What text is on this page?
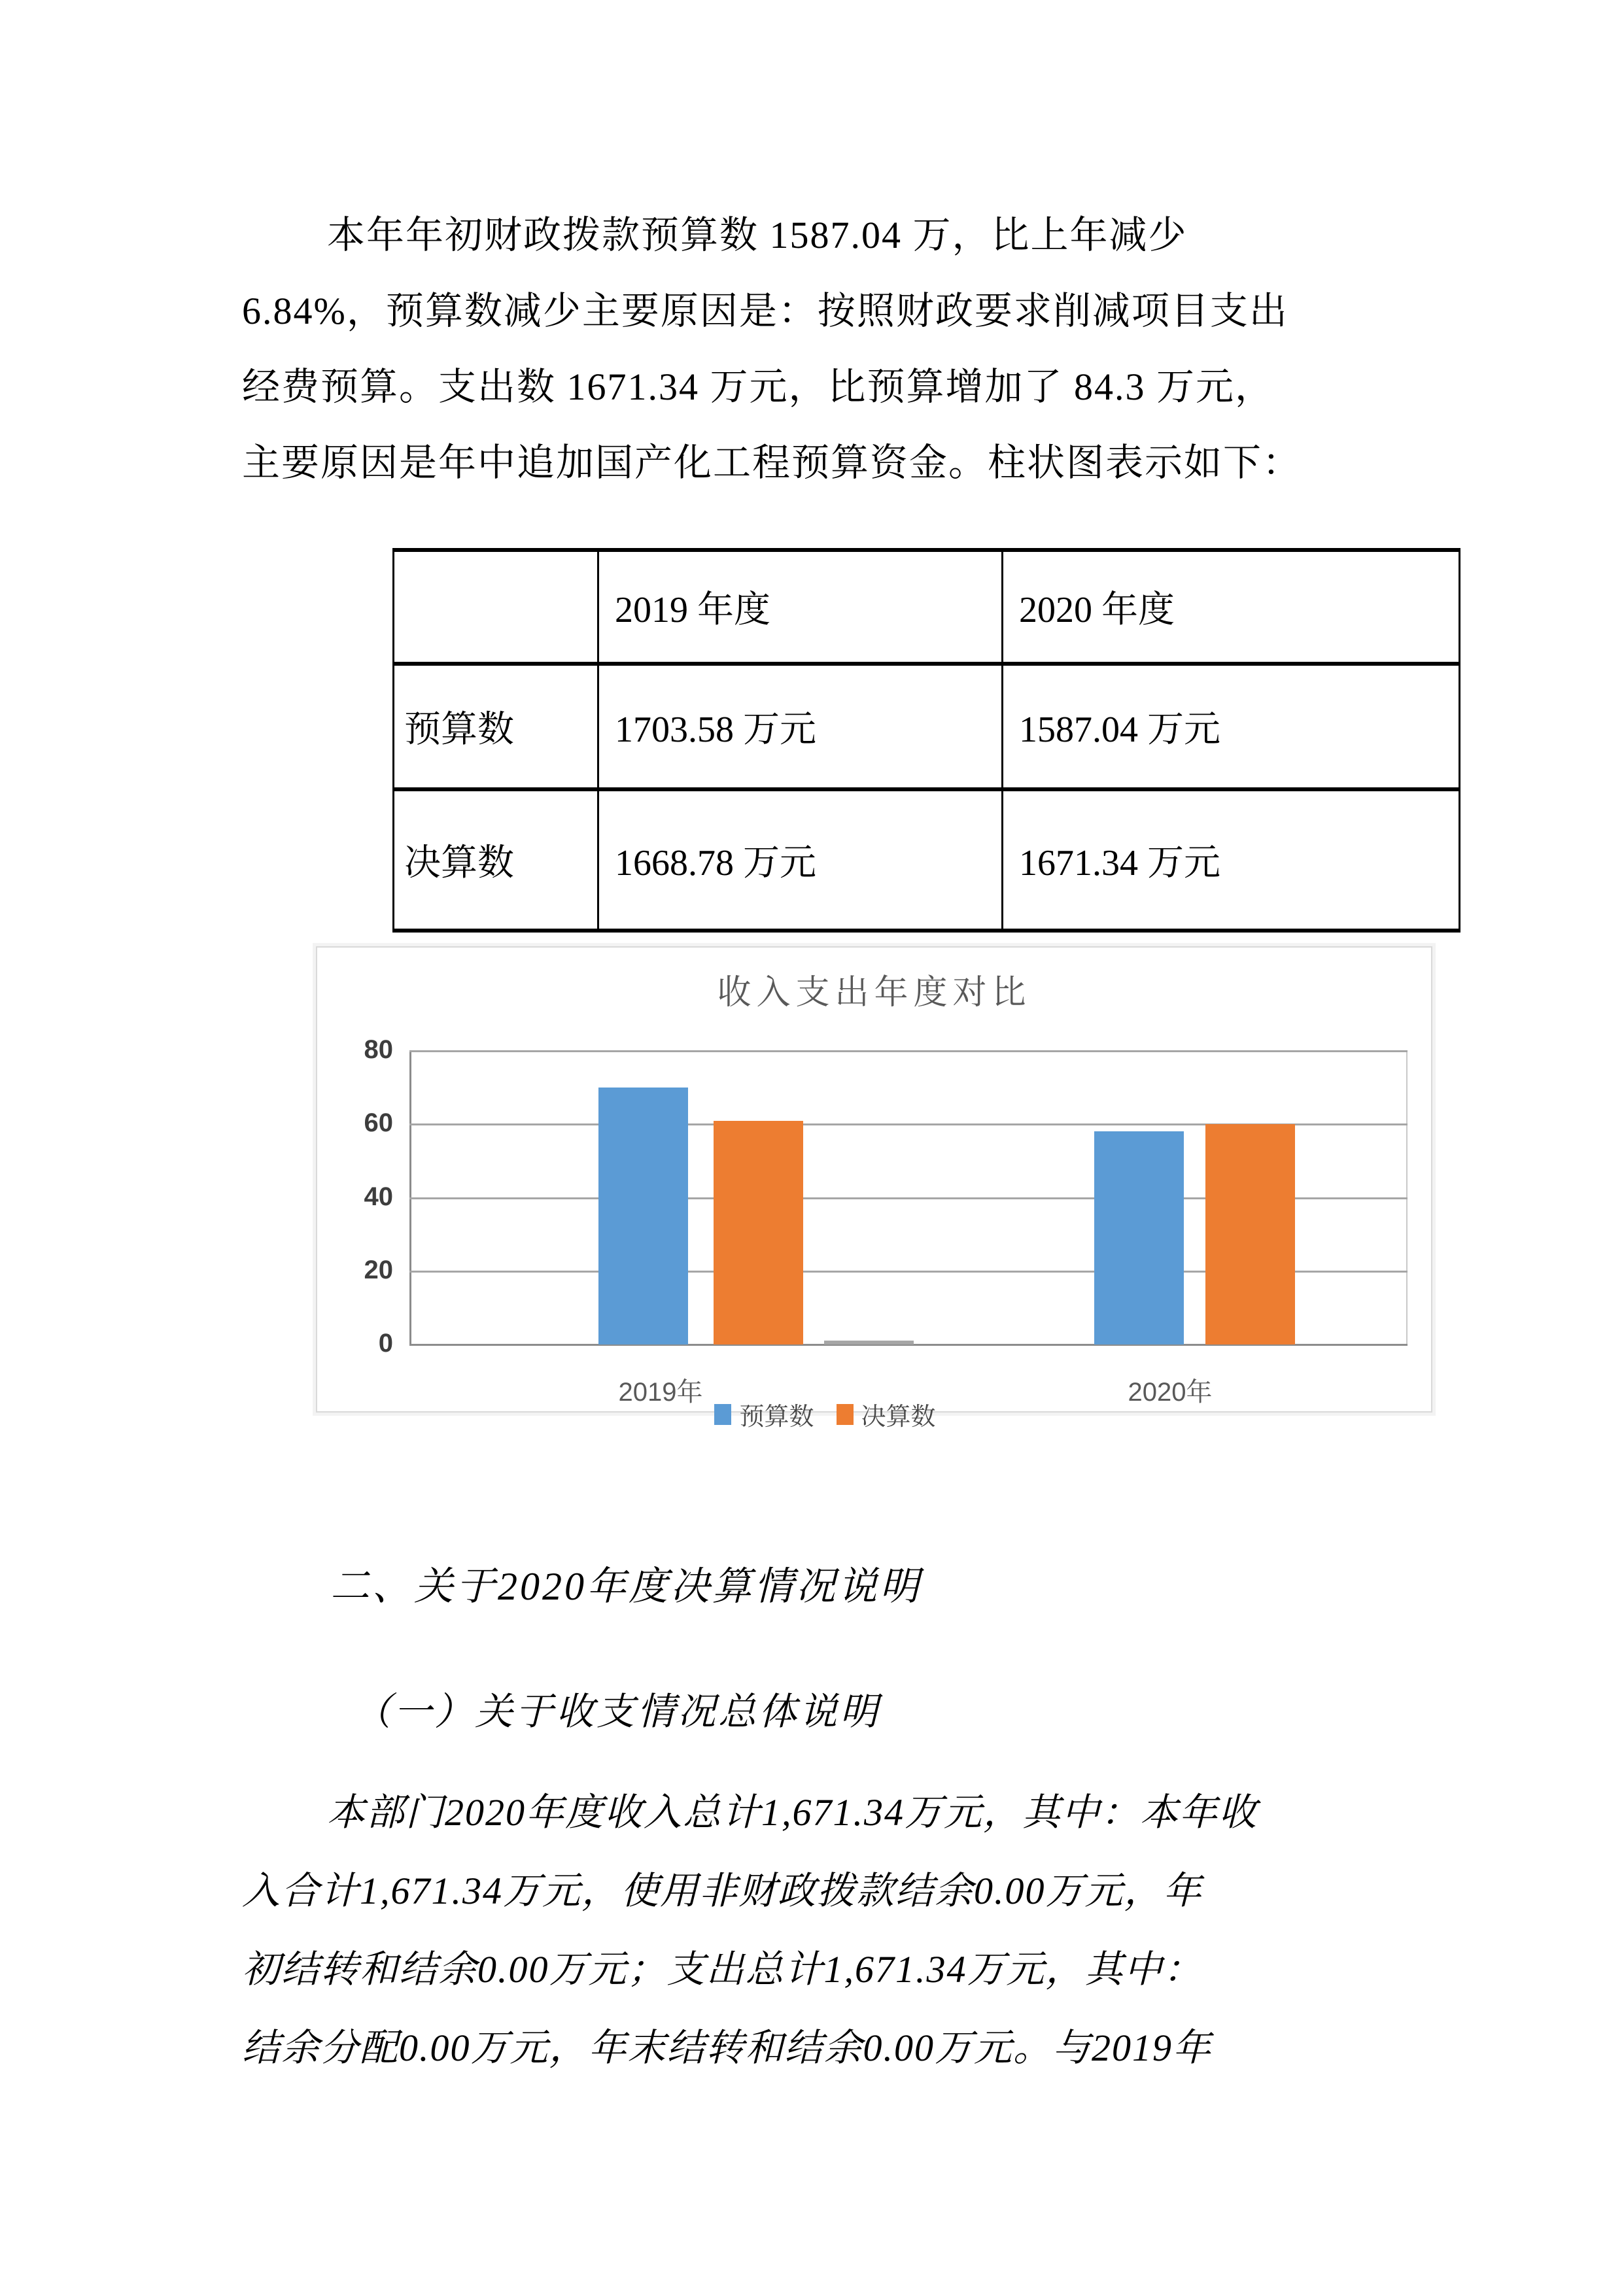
本年年初财政拨款预算数 1587.04 万，比上年减少
6.84%，预算数减少主要原因是：按照财政要求削减项目支出
经费预算。支出数 1671.34 万元，比预算增加了 84.3 万元，
主要原因是年中追加国产化工程预算资金。柱状图表示如下：
	2019 年度	2020 年度
预算数	1703.58 万元	1587.04 万元
决算数	1668.78 万元	1671.34 万元
收入支出年度对比
2019年	2020年
预算数 决算数
0
20
40
60
80
二、关于2020年度决算情况说明
（一）关于收支情况总体说明
本部门2020年度收入总计1,671.34万元，其中：本年收
入合计1,671.34万元，使用非财政拨款结余0.00万元，年
初结转和结余0.00万元；支出总计1,671.34万元，其中：
结余分配0.00万元，年末结转和结余0.00万元。与2019年
